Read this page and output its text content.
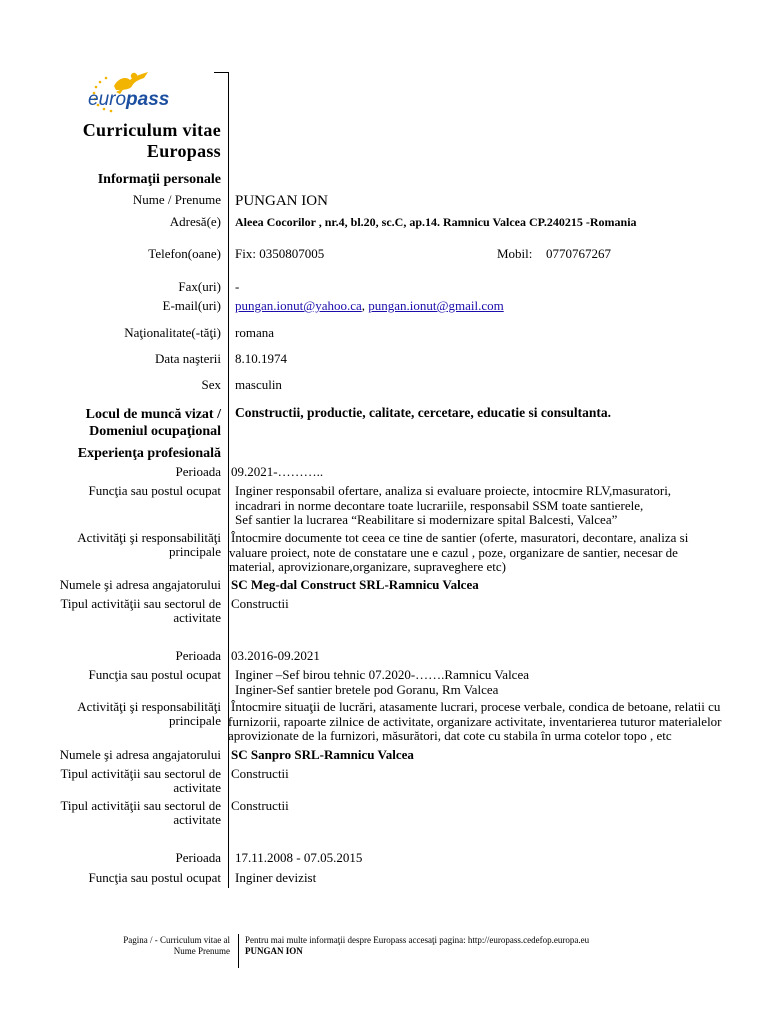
europass
Curriculum vitae
Europass
Informaţii personale
Nume / Prenume PUNGAN ION
Adresă(e) Aleea Cocorilor , nr.4, bl.20, sc.C, ap.14. Ramnicu Valcea CP.240215 -Romania
Telefon(oane) Fix: 0350807005	Mobil: 0770767267
Fax(uri) -
E-mail(uri) pungan.ionut@yahoo.ca, pungan.ionut@gmail.com
Naţionalitate(-tăţi) romana
Data naşterii 8.10.1974
Sex masculin
Locul de muncă vizat /
Domeniul ocupaţional
Constructii, productie, calitate, cercetare, educatie si consultanta.
Experienţa profesională
Perioada 09.2021-………..
Funcţia sau postul ocupat Inginer responsabil ofertare, analiza si evaluare proiecte, intocmire RLV,masuratori,
incadrari in norme decontare toate lucrariile, responsabil SSM toate santierele,
Sef santier la lucrarea “Reabilitare si modernizare spital Balcesti, Valcea”
Activităţi şi responsabilităţi principale
Întocmire documente tot ceea ce tine de santier (oferte, masuratori, decontare, analiza si
valuare proiect, note de constatare une e cazul , poze, organizare de santier, necesar de
material, aprovizionare,organizare, supraveghere etc)
Numele şi adresa angajatorului SC Meg-dal Construct SRL-Ramnicu Valcea
Tipul activităţii sau sectorul de activitate
Constructii
Perioada 03.2016-09.2021
Funcţia sau postul ocupat Inginer –Sef birou tehnic 07.2020-…….Ramnicu Valcea
Inginer-Sef santier bretele pod Goranu, Rm Valcea
Activităţi şi responsabilităţi principale
Întocmire situaţii de lucrări, atasamente lucrari, procese verbale, condica de betoane, relatii cu
furnizorii, rapoarte zilnice de activitate, organizare activitate, inventarierea tuturor materialelor
aprovizionate de la furnizori, măsurători, dat cote cu stabila în urma cotelor topo , etc
Numele şi adresa angajatorului SC Sanpro SRL-Ramnicu Valcea
Tipul activităţii sau sectorul de activitate
Constructii
Tipul activităţii sau sectorul de activitate
Constructii
Perioada 17.11.2008 - 07.05.2015
Funcţia sau postul ocupat Inginer devizist
Pagina / - Curriculum vitae al
Nume Prenume
Pentru mai multe informaţii despre Europass accesaţi pagina: http://europass.cedefop.europa.eu
PUNGAN ION
